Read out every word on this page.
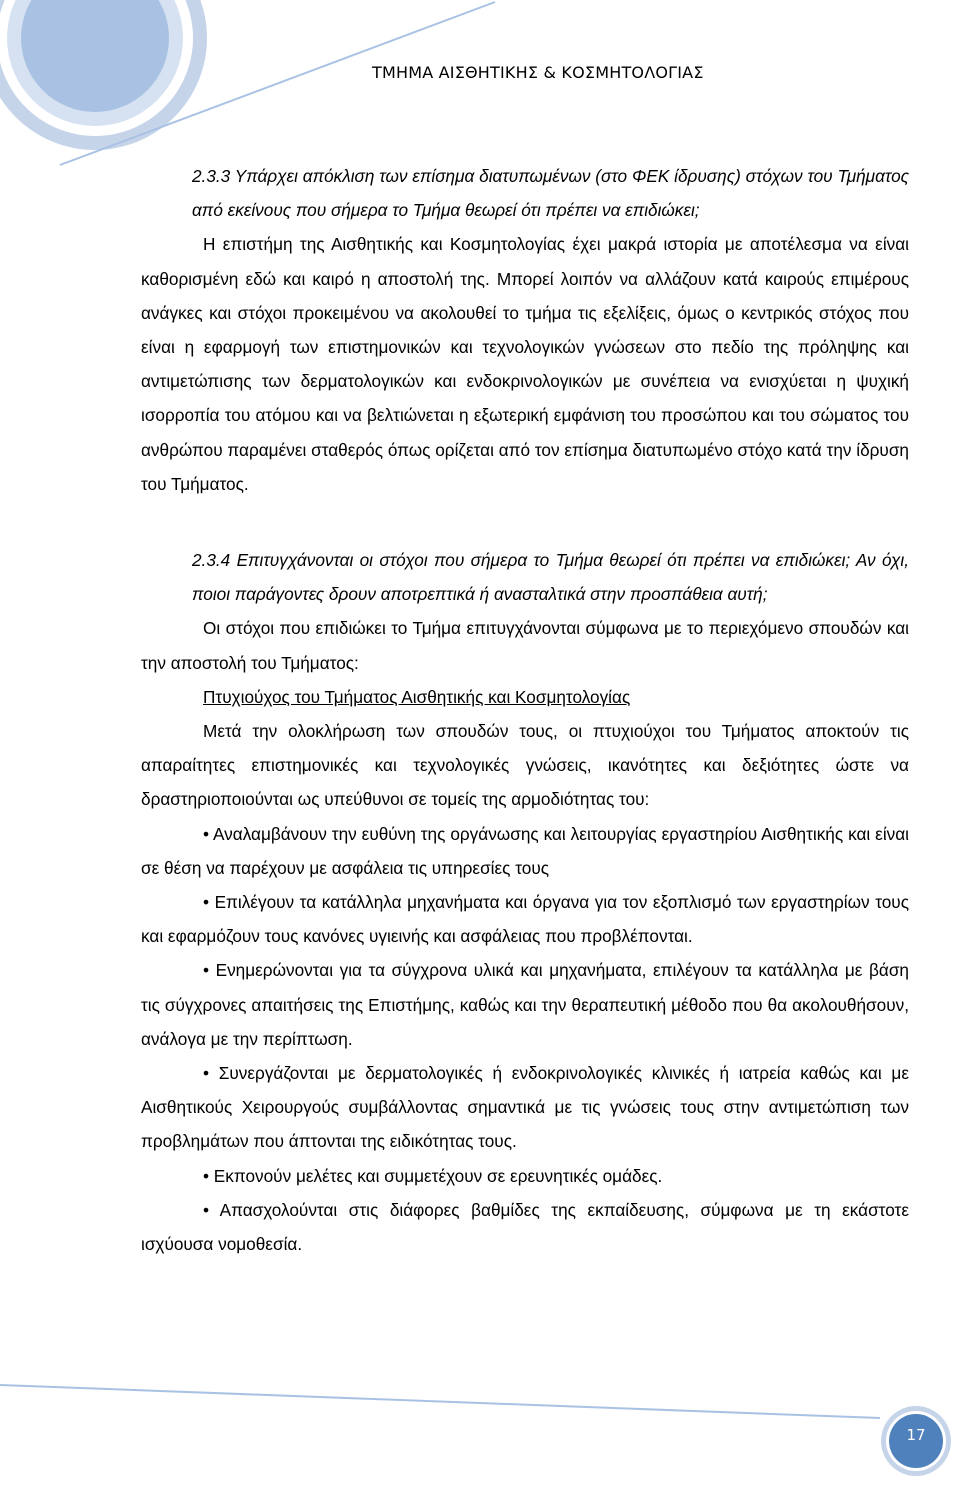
ΤΜΗΜΑ ΑΙΣΘΗΤΙΚΗΣ & ΚΟΣΜΗΤΟΛΟΓΙΑΣ

2.3.3 Υπάρχει απόκλιση των επίσημα διατυπωμένων (στο ΦΕΚ ίδρυσης) στόχων του Τμήματος από εκείνους που σήμερα το Τμήμα θεωρεί ότι πρέπει να επιδιώκει;

Η επιστήμη της Αισθητικής και Κοσμητολογίας έχει μακρά ιστορία με αποτέλεσμα να είναι καθορισμένη εδώ και καιρό η αποστολή της. Μπορεί λοιπόν να αλλάζουν κατά καιρούς επιμέρους ανάγκες και στόχοι προκειμένου να ακολουθεί το τμήμα τις εξελίξεις, όμως ο κεντρικός στόχος που είναι η εφαρμογή των επιστημονικών και τεχνολογικών γνώσεων στο πεδίο της πρόληψης και αντιμετώπισης των δερματολογικών και ενδοκρινολογικών με συνέπεια να ενισχύεται η ψυχική ισορροπία του ατόμου και να βελτιώνεται η εξωτερική εμφάνιση του προσώπου και του σώματος του ανθρώπου παραμένει σταθερός όπως ορίζεται από τον επίσημα διατυπωμένο στόχο κατά την ίδρυση του Τμήματος.

2.3.4 Επιτυγχάνονται οι στόχοι που σήμερα το Τμήμα θεωρεί ότι πρέπει να επιδιώκει; Αν όχι, ποιοι παράγοντες δρουν αποτρεπτικά ή ανασταλτικά στην προσπάθεια αυτή;

Οι στόχοι που επιδιώκει το Τμήμα επιτυγχάνονται σύμφωνα με το περιεχόμενο σπουδών και την αποστολή του Τμήματος:

Πτυχιούχος του Τμήματος Αισθητικής και Κοσμητολογίας

Μετά την ολοκλήρωση των σπουδών τους, οι πτυχιούχοι του Τμήματος αποκτούν τις απαραίτητες επιστημονικές και τεχνολογικές γνώσεις, ικανότητες και δεξιότητες ώστε να δραστηριοποιούνται ως υπεύθυνοι σε τομείς της αρμοδιότητας του:

• Αναλαμβάνουν την ευθύνη της οργάνωσης και λειτουργίας εργαστηρίου Αισθητικής και είναι σε θέση να παρέχουν με ασφάλεια τις υπηρεσίες τους

• Επιλέγουν τα κατάλληλα μηχανήματα και όργανα για τον εξοπλισμό των εργαστηρίων τους και εφαρμόζουν τους κανόνες υγιεινής και ασφάλειας που προβλέπονται.

• Ενημερώνονται για τα σύγχρονα υλικά και μηχανήματα, επιλέγουν τα κατάλληλα με βάση τις σύγχρονες απαιτήσεις της Επιστήμης, καθώς και την θεραπευτική μέθοδο που θα ακολουθήσουν, ανάλογα με την περίπτωση.

• Συνεργάζονται με δερματολογικές ή ενδοκρινολογικές κλινικές ή ιατρεία καθώς και με Αισθητικούς Χειρουργούς συμβάλλοντας σημαντικά με τις γνώσεις τους στην αντιμετώπιση των προβλημάτων που άπτονται της ειδικότητας τους.

• Εκπονούν μελέτες και συμμετέχουν σε ερευνητικές ομάδες.

• Απασχολούνται στις διάφορες βαθμίδες της εκπαίδευσης, σύμφωνα με τη εκάστοτε ισχύουσα νομοθεσία.

17
